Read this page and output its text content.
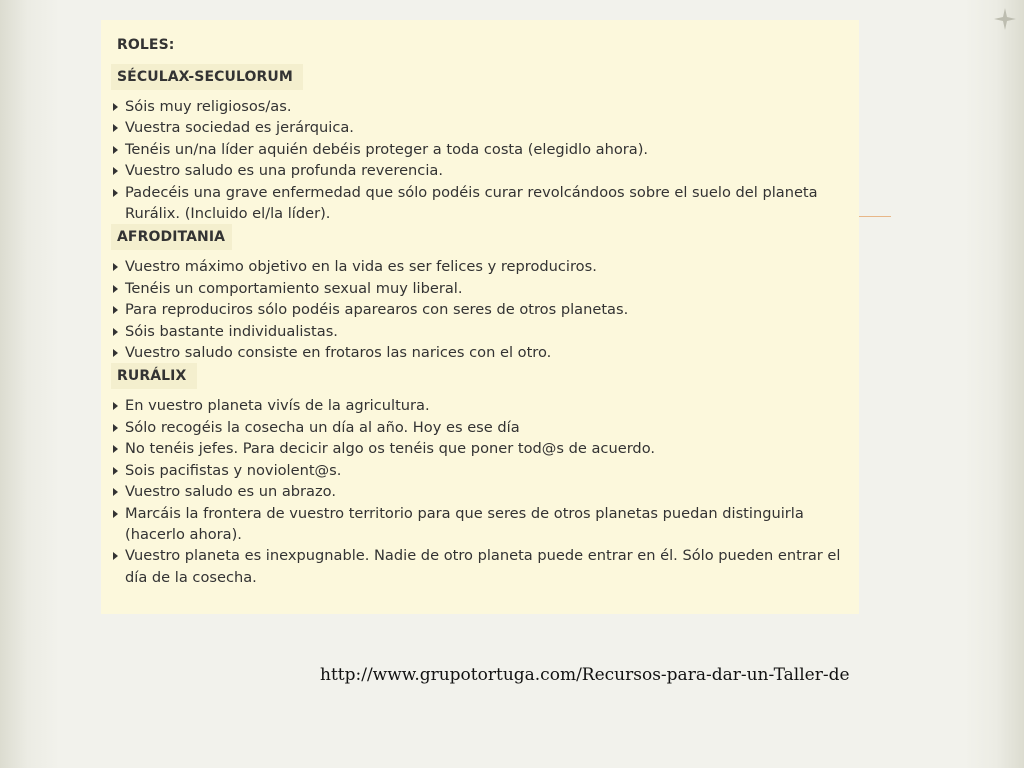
ROLES:
SÉCULAX-SECULORUM
Sóis muy religiosos/as.
Vuestra sociedad es jerárquica.
Tenéis un/na líder aquién debéis proteger a toda costa (elegidlo ahora).
Vuestro saludo es una profunda reverencia.
Padecéis una grave enfermedad que sólo podéis curar revolcándoos sobre el suelo del planeta Rurálix. (Incluido el/la líder).
AFRODITANIA
Vuestro máximo objetivo en la vida es ser felices y reproduciros.
Tenéis un comportamiento sexual muy liberal.
Para reproduciros sólo podéis aparearos con seres de otros planetas.
Sóis bastante individualistas.
Vuestro saludo consiste en frotaros las narices con el otro.
RURÁLIX
En vuestro planeta vivís de la agricultura.
Sólo recogéis la cosecha un día al año. Hoy es ese día
No tenéis jefes. Para decicir algo os tenéis que poner tod@s de acuerdo.
Sois pacifistas y noviolent@s.
Vuestro saludo es un abrazo.
Marcáis la frontera de vuestro territorio para que seres de otros planetas puedan distinguirla (hacerlo ahora).
Vuestro planeta es inexpugnable. Nadie de otro planeta puede entrar en él. Sólo pueden entrar el día de la cosecha.
http://www.grupotortuga.com/Recursos-para-dar-un-Taller-de
